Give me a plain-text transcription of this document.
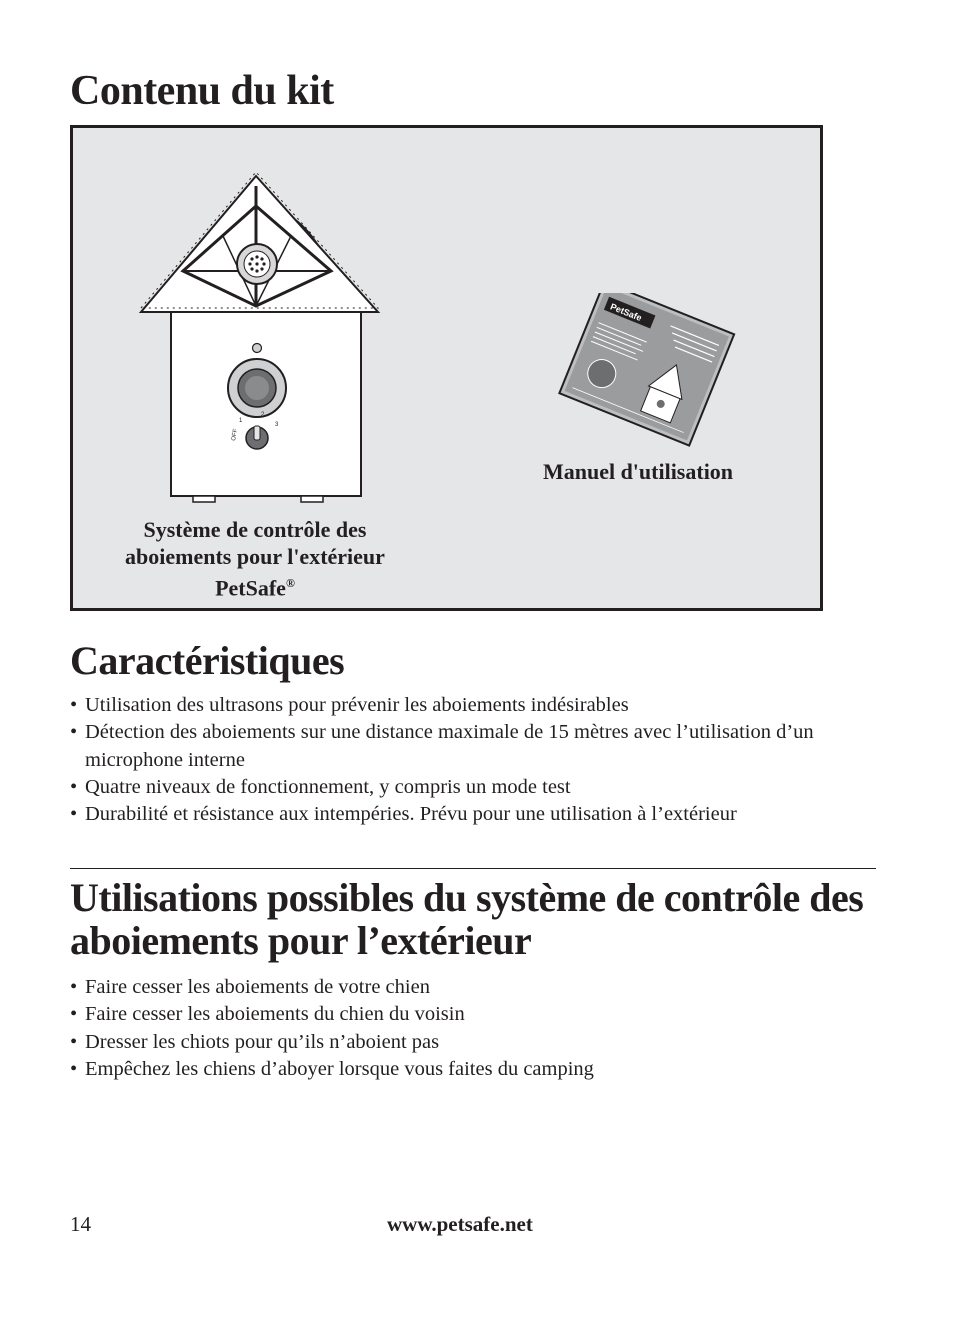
Contenu du kit
OFF
1
2
3
PetSafe
Système de contrôle des aboiements pour l'extérieur PetSafe®
Manuel d'utilisation
Caractéristiques
• Utilisation des ultrasons pour prévenir les aboiements indésirables
• Détection des aboiements sur une distance maximale de 15 mètres avec l’utilisation d’un microphone interne
• Quatre niveaux de fonctionnement, y compris un mode test
• Durabilité et résistance aux intempéries. Prévu pour une utilisation à l’extérieur
Utilisations possibles du système de contrôle des aboiements pour l’extérieur
• Faire cesser les aboiements de votre chien
• Faire cesser les aboiements du chien du voisin
• Dresser les chiots pour qu’ils n’aboient pas
• Empêchez les chiens d’aboyer lorsque vous faites du camping
14	www.petsafe.net
